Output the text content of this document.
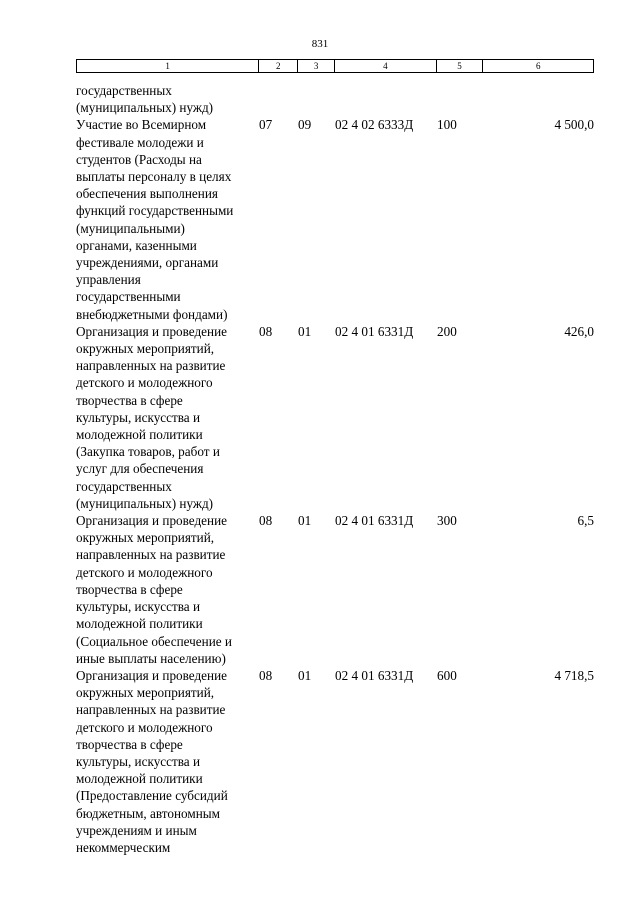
831
1	2	3	4	5	6
государственных
(муниципальных) нужд)
Участие во Всемирном
фестивале молодежи и
студентов (Расходы на
выплаты персоналу в целях
обеспечения выполнения
функций государственными
(муниципальными)
органами, казенными
учреждениями, органами
управления
государственными
внебюджетными фондами)
07	09	02 4 02 6333Д	100	4 500,0
Организация и проведение
окружных мероприятий,
направленных на развитие
детского и молодежного
творчества в сфере
культуры, искусства и
молодежной политики
(Закупка товаров, работ и
услуг для обеспечения
государственных
(муниципальных) нужд)
08	01	02 4 01 6331Д	200	426,0
Организация и проведение
окружных мероприятий,
направленных на развитие
детского и молодежного
творчества в сфере
культуры, искусства и
молодежной политики
(Социальное обеспечение и
иные выплаты населению)
08	01	02 4 01 6331Д	300	6,5
Организация и проведение
окружных мероприятий,
направленных на развитие
детского и молодежного
творчества в сфере
культуры, искусства и
молодежной политики
(Предоставление субсидий
бюджетным, автономным
учреждениям и иным
некоммерческим
08	01	02 4 01 6331Д	600	4 718,5
